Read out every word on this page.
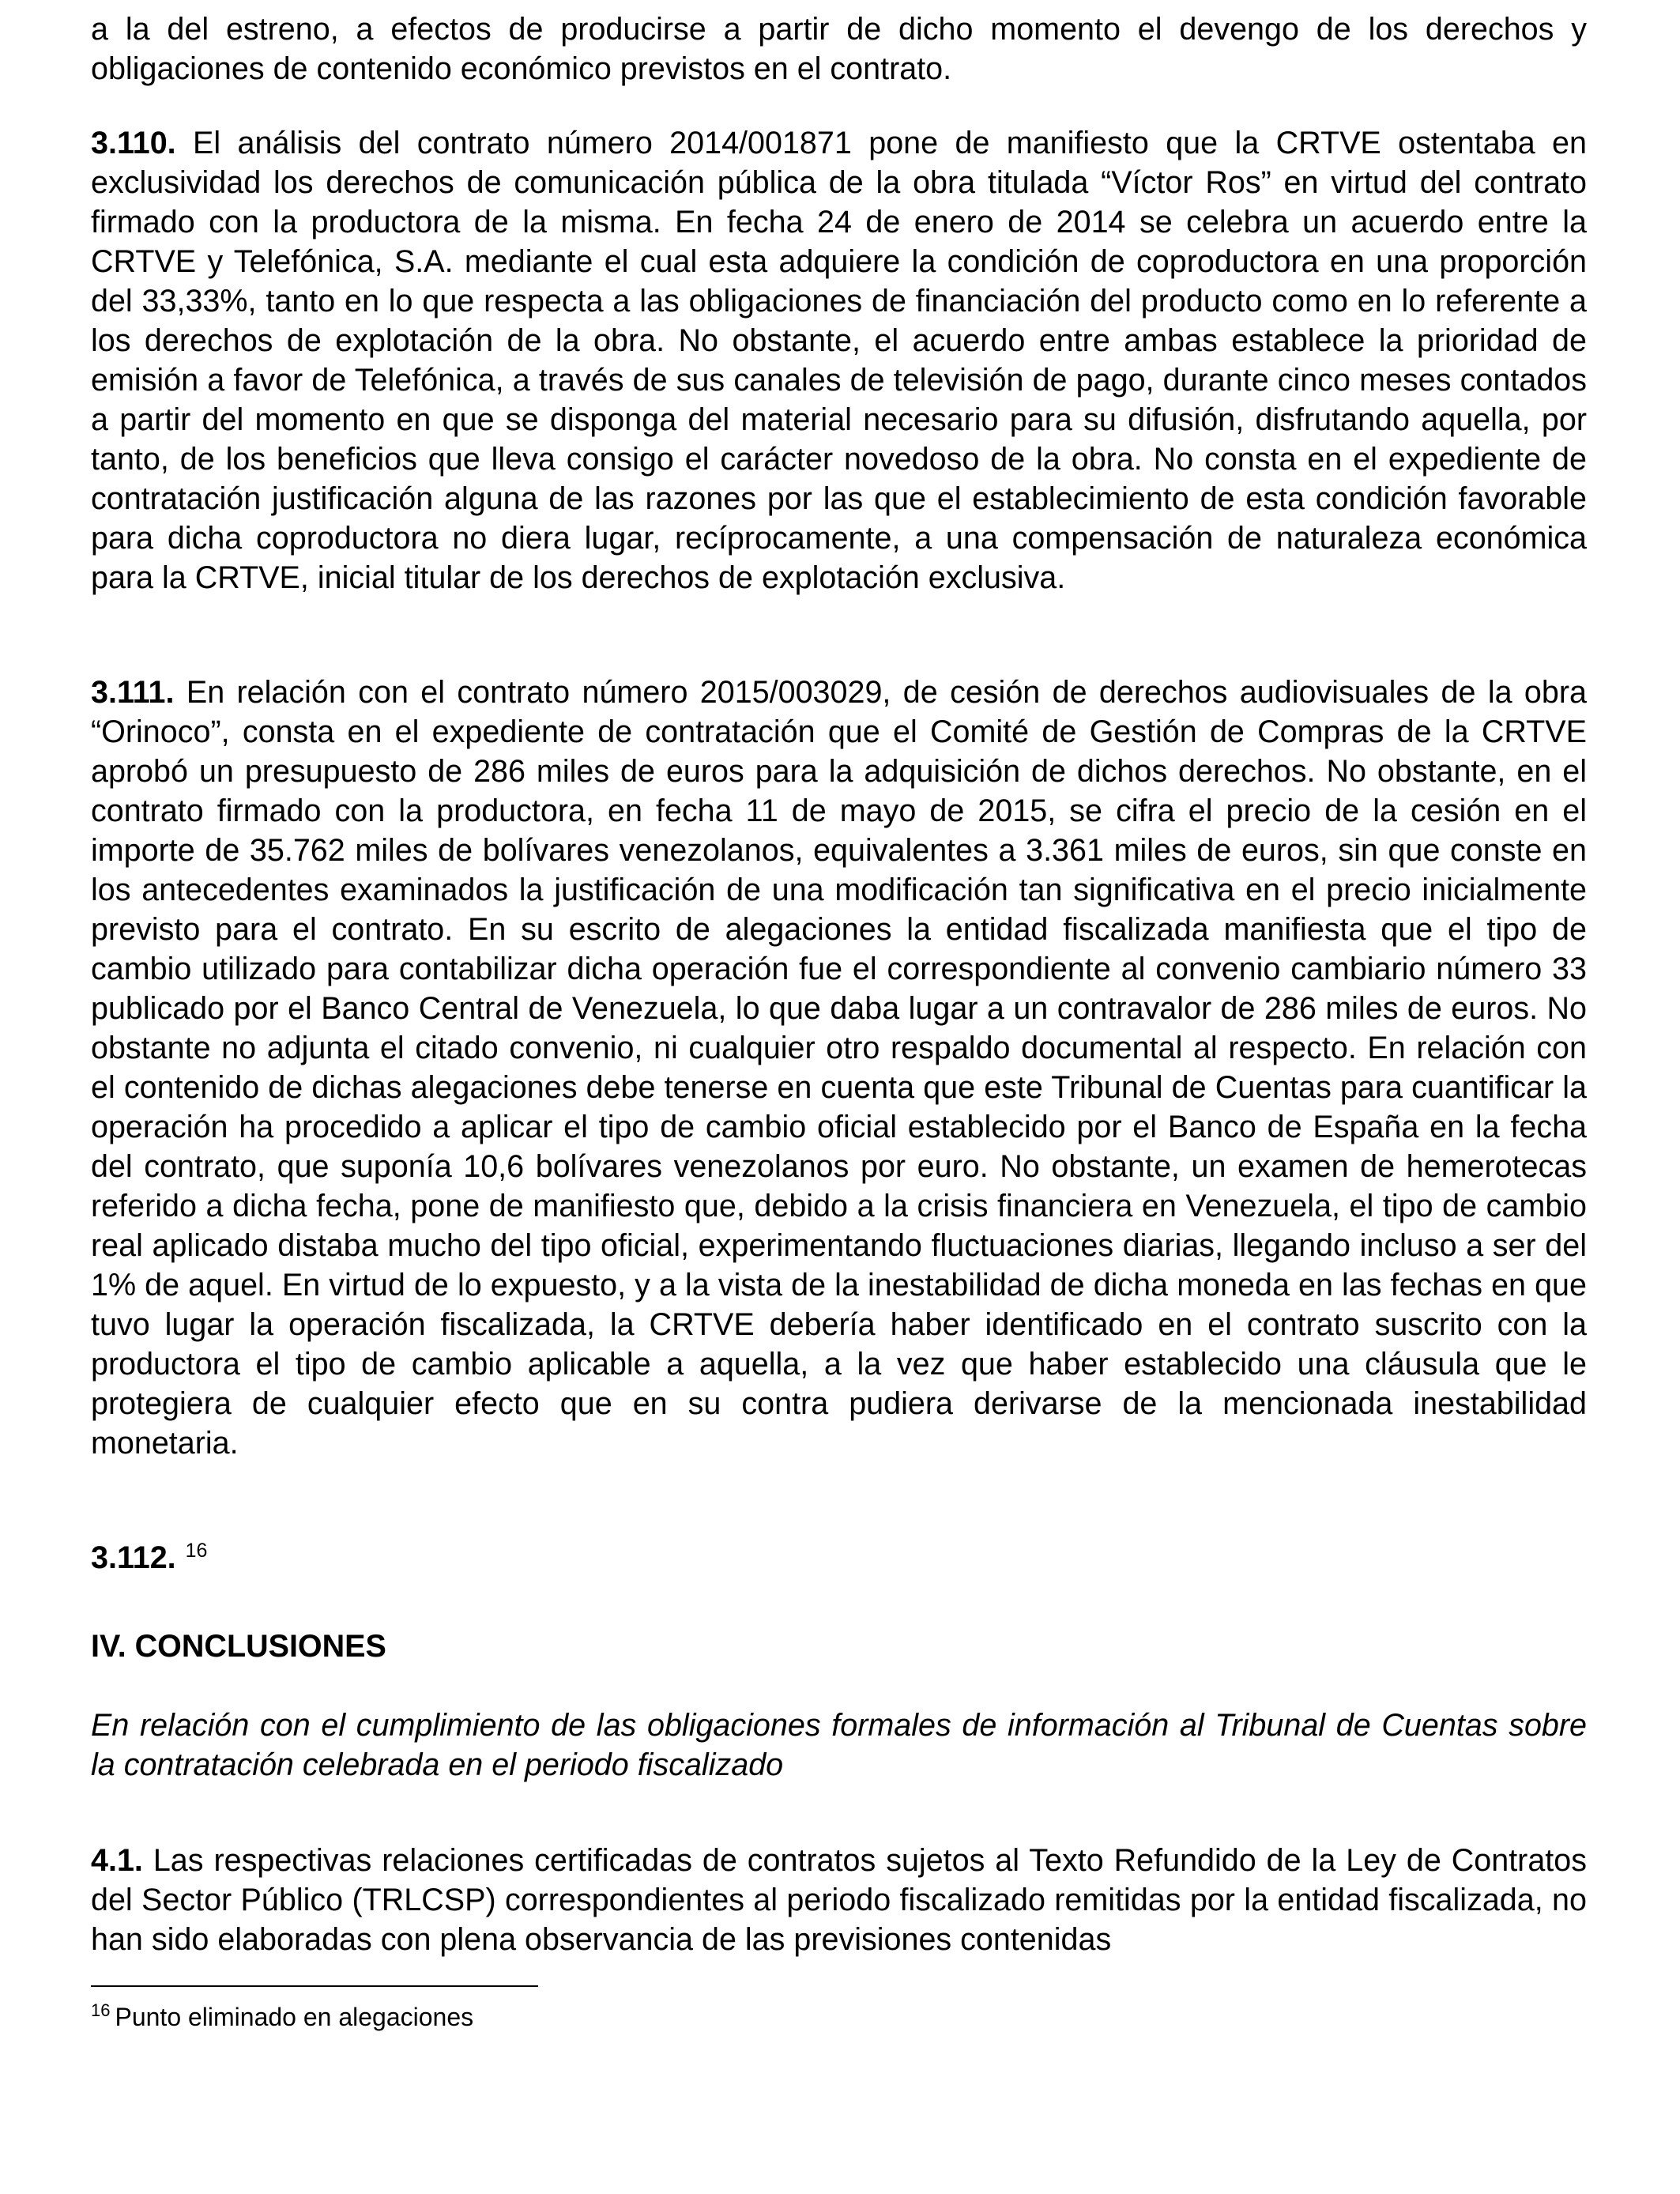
a la del estreno, a efectos de producirse a partir de dicho momento el devengo de los derechos y obligaciones de contenido económico previstos en el contrato.

3.110. El análisis del contrato número 2014/001871 pone de manifiesto que la CRTVE ostentaba en exclusividad los derechos de comunicación pública de la obra titulada “Víctor Ros” en virtud del contrato firmado con la productora de la misma. En fecha 24 de enero de 2014 se celebra un acuerdo entre la CRTVE y Telefónica, S.A. mediante el cual esta adquiere la condición de coproductora en una proporción del 33,33%, tanto en lo que respecta a las obligaciones de financiación del producto como en lo referente a los derechos de explotación de la obra. No obstante, el acuerdo entre ambas establece la prioridad de emisión a favor de Telefónica, a través de sus canales de televisión de pago, durante cinco meses contados a partir del momento en que se disponga del material necesario para su difusión, disfrutando aquella, por tanto, de los beneficios que lleva consigo el carácter novedoso de la obra. No consta en el expediente de contratación justificación alguna de las razones por las que el establecimiento de esta condición favorable para dicha coproductora no diera lugar, recíprocamente, a una compensación de naturaleza económica para la CRTVE, inicial titular de los derechos de explotación exclusiva.

3.111. En relación con el contrato número 2015/003029, de cesión de derechos audiovisuales de la obra “Orinoco”, consta en el expediente de contratación que el Comité de Gestión de Compras de la CRTVE aprobó un presupuesto de 286 miles de euros para la adquisición de dichos derechos. No obstante, en el contrato firmado con la productora, en fecha 11 de mayo de 2015, se cifra el precio de la cesión en el importe de 35.762 miles de bolívares venezolanos, equivalentes a 3.361 miles de euros, sin que conste en los antecedentes examinados la justificación de una modificación tan significativa en el precio inicialmente previsto para el contrato. En su escrito de alegaciones la entidad fiscalizada manifiesta que el tipo de cambio utilizado para contabilizar dicha operación fue el correspondiente al convenio cambiario número 33 publicado por el Banco Central de Venezuela, lo que daba lugar a un contravalor de 286 miles de euros. No obstante no adjunta el citado convenio, ni cualquier otro respaldo documental al respecto. En relación con el contenido de dichas alegaciones debe tenerse en cuenta que este Tribunal de Cuentas para cuantificar la operación ha procedido a aplicar el tipo de cambio oficial establecido por el Banco de España en la fecha del contrato, que suponía 10,6 bolívares venezolanos por euro. No obstante, un examen de hemerotecas referido a dicha fecha, pone de manifiesto que, debido a la crisis financiera en Venezuela, el tipo de cambio real aplicado distaba mucho del tipo oficial, experimentando fluctuaciones diarias, llegando incluso a ser del 1% de aquel. En virtud de lo expuesto, y a la vista de la inestabilidad de dicha moneda en las fechas en que tuvo lugar la operación fiscalizada, la CRTVE debería haber identificado en el contrato suscrito con la productora el tipo de cambio aplicable a aquella, a la vez que haber establecido una cláusula que le protegiera de cualquier efecto que en su contra pudiera derivarse de la mencionada inestabilidad monetaria.

3.112. $^{16}$

IV. CONCLUSIONES

En relación con el cumplimiento de las obligaciones formales de información al Tribunal de Cuentas sobre la contratación celebrada en el periodo fiscalizado

4.1. Las respectivas relaciones certificadas de contratos sujetos al Texto Refundido de la Ley de Contratos del Sector Público (TRLCSP) correspondientes al periodo fiscalizado remitidas por la entidad fiscalizada, no han sido elaboradas con plena observancia de las previsiones contenidas

$^{16}$ Punto eliminado en alegaciones
